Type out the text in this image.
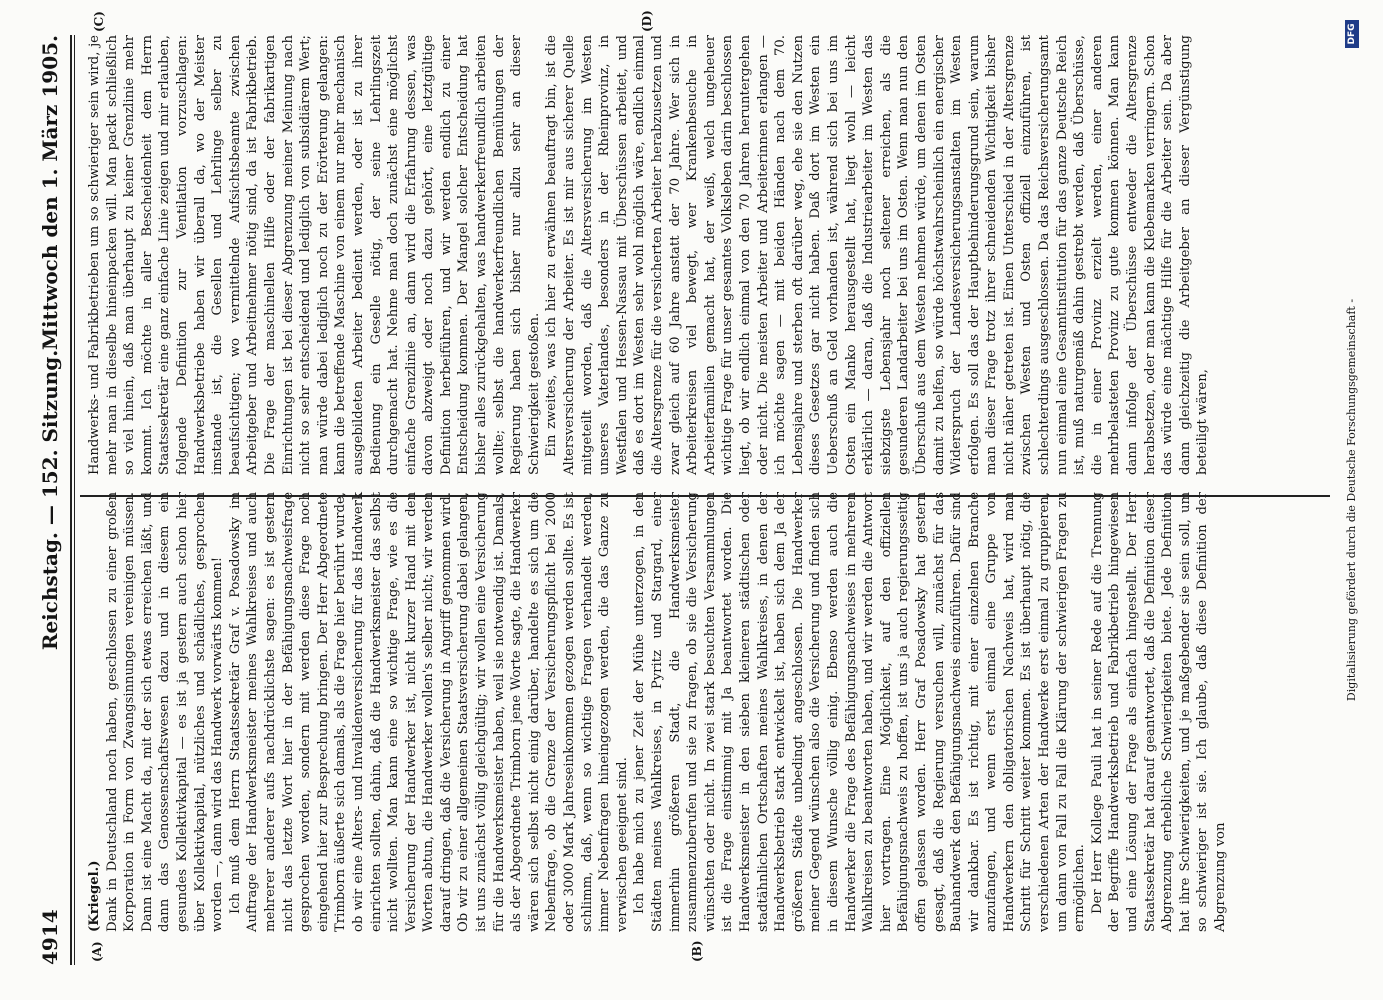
4914
Reichstag. — 152. Sitzung.
Mittwoch den 1. März 1905.
(A)	(B)
(C)	(D)

(Kriegel.) Dank in Deutschland noch haben, geschlossen zu einer großen Korporation in Form von Zwangsinnungen vereinigen müssen. Dann ist eine Macht da, mit der sich etwas erreichen läßt, und dann das Genossenschaftswesen dazu und in diesem ein gesundes Kollektivkapital — es ist ja gestern auch schon hier über Kollektivkapital, nützliches und schädliches, gesprochen worden —, dann wird das Handwerk vorwärts kommen! Ich muß dem Herrn Staatssekretär Graf v. Posadowsky im Auftrage der Handwerksmeister meines Wahlkreises und auch mehrerer anderer aufs nachdrücklichste sagen: es ist gestern nicht das letzte Wort hier in der Befähigungsnachweisfrage gesprochen worden, sondern mit werden diese Frage noch eingehend hier zur Besprechung bringen. Der Herr Abgeordnete Trimborn äußerte sich damals, als die Frage hier berührt wurde, ob wir eine Alters- und Invalidenversicherung für das Handwerk einrichten sollten, dahin, daß die Handwerksmeister das selbst nicht wollten. Man kann eine so wichtige Frage, wie es die Versicherung der Handwerker ist, nicht kurzer Hand mit den Worten abtun, die Handwerker wollen's selber nicht; wir werden darauf dringen, daß die Versicherung in Angriff genommen wird. Ob wir zu einer allgemeinen Staatsversicherung dabei gelangen, ist uns zunächst völlig gleichgültig; wir wollen eine Versicherung für die Handwerksmeister haben, weil sie notwendig ist. Damals, als der Abgeordnete Trimborn jene Worte sagte, die Handwerker wären sich selbst nicht einig darüber, handelte es sich um die Nebenfrage, ob die Grenze der Versicherungspflicht bei 2000 oder 3000 Mark Jahreseinkommen gezogen werden sollte. Es ist schlimm, daß, wenn so wichtige Fragen verhandelt werden, immer Nebenfragen hineingezogen werden, die das Ganze zu verwischen geeignet sind. Ich habe mich zu jener Zeit der Mühe unterzogen, in den Städten meines Wahlkreises, in Pyritz und Stargard, einer immerhin größeren Stadt, die Handwerksmeister zusammenzuberufen und sie zu fragen, ob sie die Versicherung wünschten oder nicht. In zwei stark besuchten Versammlungen ist die Frage einstimmig mit Ja beantwortet worden. Die Handwerksmeister in den sieben kleineren städtischen oder stadtähnlichen Ortschaften meines Wahlkreises, in denen der Handwerksbetrieb stark entwickelt ist, haben sich dem Ja der größeren Städte unbedingt angeschlossen. Die Handwerker meiner Gegend wünschen also die Versicherung und finden sich in diesem Wunsche völlig einig. Ebenso werden auch die Handwerker die Frage des Befähigungsnachweises in mehreren Wahlkreisen zu beantworten haben, und wir werden die Antwort hier vortragen. Eine Möglichkeit, auf den offiziellen Befähigungsnachweis zu hoffen, ist uns ja auch regierungsseitig offen gelassen worden. Herr Graf Posadowsky hat gestern gesagt, daß die Regierung versuchen will, zunächst für das Bauhandwerk den Befähigungsnachweis einzuführen. Dafür sind wir dankbar. Es ist richtig, mit einer einzelnen Branche anzufangen, und wenn erst einmal eine Gruppe von Handwerkern den obligatorischen Nachweis hat, wird man Schritt für Schritt weiter kommen. Es ist überhaupt nötig, die verschiedenen Arten der Handwerke erst einmal zu gruppieren, um dann von Fall zu Fall die Klärung der schwierigen Fragen zu ermöglichen. Der Herr Kollege Pauli hat in seiner Rede auf die Trennung der Begriffe Handwerksbetrieb und Fabrikbetrieb hingewiesen und eine Lösung der Frage als einfach hingestellt. Der Herr Staatssekretär hat darauf geantwortet, daß die Definition dieser Abgrenzung erhebliche Schwierigkeiten biete. Jede Definition hat ihre Schwierigkeiten, und je maßgebender sie sein soll, um so schwieriger ist sie. Ich glaube, daß diese Definition der Abgrenzung von

Handwerks- und Fabrikbetrieben um so schwieriger sein wird, je mehr man in dieselbe hineinpacken will. Man packt schließlich so viel hinein, daß man überhaupt zu keiner Grenzlinie mehr kommt. Ich möchte in aller Bescheidenheit dem Herrn Staatssekretär eine ganz einfache Linie zeigen und mir erlauben, folgende Definition zur Ventilation vorzuschlagen: Handwerksbetriebe haben wir überall da, wo der Meister imstande ist, die Gesellen und Lehrlinge selber zu beaufsichtigen; wo vermittelnde Aufsichtsbeamte zwischen Arbeitgeber und Arbeitnehmer nötig sind, da ist Fabrikbetrieb. Die Frage der maschinellen Hilfe oder der fabrikartigen Einrichtungen ist bei dieser Abgrenzung meiner Meinung nach nicht so sehr entscheidend und lediglich von subsidiärem Wert; man würde dabei lediglich noch zu der Erörterung gelangen: kann die betreffende Maschine von einem nur mehr mechanisch ausgebildeten Arbeiter bedient werden, oder ist zu ihrer Bedienung ein Geselle nötig, der seine Lehrlingszeit durchgemacht hat. Nehme man doch zunächst eine möglichst einfache Grenzlinie an, dann wird die Erfahrung dessen, was davon abzweigt oder noch dazu gehört, eine letztgültige Definition herbeiführen, und wir werden endlich zu einer Entscheidung kommen. Der Mangel solcher Entscheidung hat bisher alles zurückgehalten, was handwerkerfreundlich arbeiten wollte; selbst die handwerkerfreundlichen Bemühungen der Regierung haben sich bisher nur allzu sehr an dieser Schwierigkeit gestoßen. Ein zweites, was ich hier zu erwähnen beauftragt bin, ist die Altersversicherung der Arbeiter. Es ist mir aus sicherer Quelle mitgeteilt worden, daß die Altersversicherung im Westen unseres Vaterlandes, besonders in der Rheinprovinz, in Westfalen und Hessen-Nassau mit Überschüssen arbeitet, und daß es dort im Westen sehr wohl möglich wäre, endlich einmal die Altersgrenze für die versicherten Arbeiter herabzusetzen und zwar gleich auf 60 Jahre anstatt der 70 Jahre. Wer sich in Arbeiterkreisen viel bewegt, wer Krankenbesuche in Arbeiterfamilien gemacht hat, der weiß, welch ungeheuer wichtige Frage für unser gesamtes Volksleben darin beschlossen liegt, ob wir endlich einmal von den 70 Jahren heruntergehen oder nicht. Die meisten Arbeiter und Arbeiterinnen erlangen — ich möchte sagen — mit beiden Händen nach dem 70. Lebensjahre und sterben oft darüber weg, ehe sie den Nutzen dieses Gesetzes gar nicht haben. Daß dort im Westen ein Ueberschuß an Geld vorhanden ist, während sich bei uns im Osten ein Manko herausgestellt hat, liegt wohl — leicht erklärlich — daran, daß die Industriearbeiter im Westen das siebzigste Lebensjahr noch seltener erreichen, als die gesunderen Landarbeiter bei uns im Osten. Wenn man nun den Überschuß aus dem Westen nehmen würde, um denen im Osten damit zu helfen, so würde höchstwahrscheinlich ein energischer Widerspruch der Landesversicherungsanstalten im Westen erfolgen. Es soll das der Hauptbehinderungsgrund sein, warum man dieser Frage trotz ihrer schneidenden Wichtigkeit bisher nicht näher getreten ist. Einen Unterschied in der Altersgrenze zwischen Westen und Osten offiziell einzuführen, ist schlechterdings ausgeschlossen. Da das Reichsversicherungsamt nun einmal eine Gesamtinstitution für das ganze Deutsche Reich ist, muß naturgemäß dahin gestrebt werden, daß Überschüsse, die in einer Provinz erzielt werden, einer anderen mehrbelasteten Provinz zu gute kommen können. Man kann dann infolge der Überschüsse entweder die Altersgrenze herabsetzen, oder man kann die Klebemarken verringern. Schon das würde eine mächtige Hilfe für die Arbeiter sein. Da aber dann gleichzeitig die Arbeitgeber an dieser Vergünstigung beteiligt wären,	Digitalisierung gefördert durch die Deutsche Forschungsgemeinschaft -
DFG
